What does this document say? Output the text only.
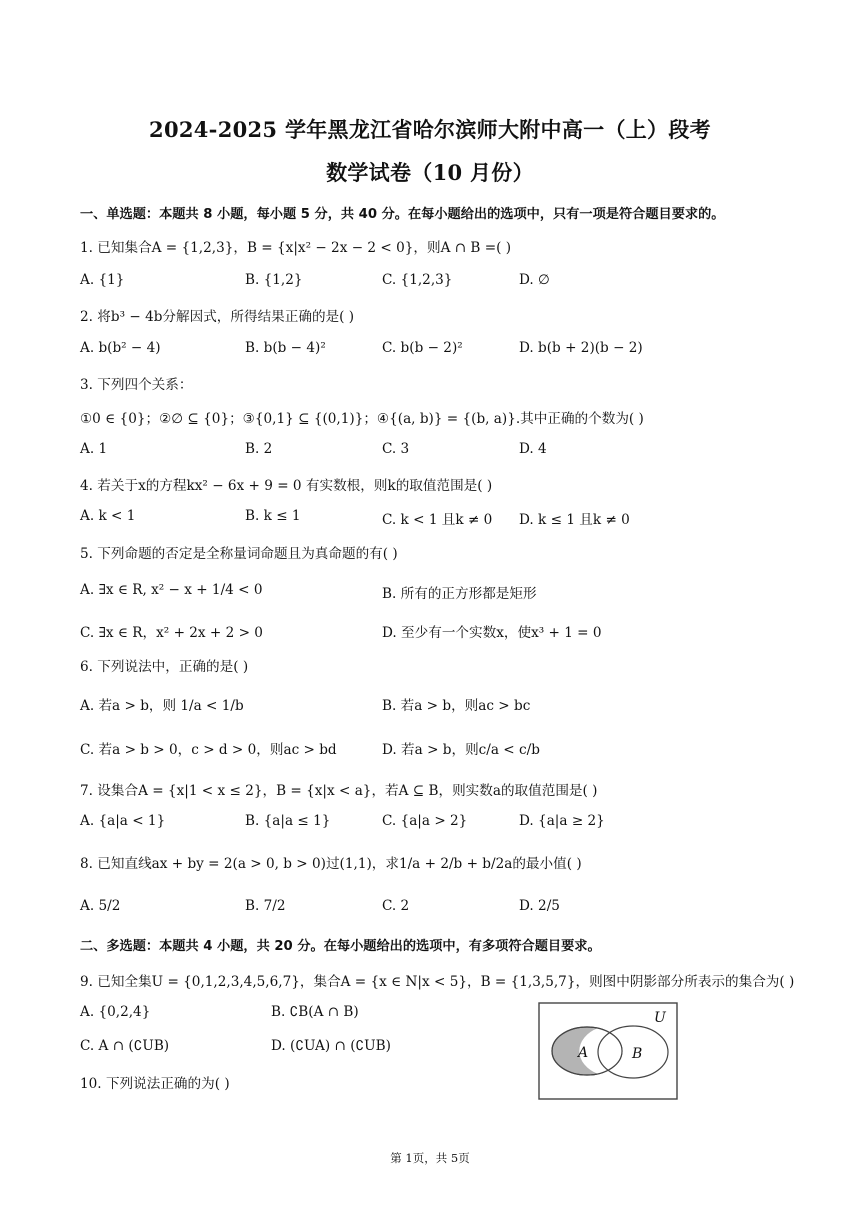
2024-2025 学年黑龙江省哈尔滨师大附中高一（上）段考
数学试卷（10 月份）
一、单选题：本题共 8 小题，每小题 5 分，共 40 分。在每小题给出的选项中，只有一项是符合题目要求的。
1. 已知集合A = {1,2,3}，B = {x|x² − 2x − 2 < 0}，则A ∩ B =( )
A. {1}	B. {1,2}	C. {1,2,3}	D. ∅
2. 将b³ − 4b分解因式，所得结果正确的是( )
A. b(b² − 4)	B. b(b − 4)²	C. b(b − 2)²	D. b(b + 2)(b − 2)
3. 下列四个关系：
①0 ∈ {0}；②∅ ⊆ {0}；③{0,1} ⊆ {(0,1)}；④{(a, b)} = {(b, a)}.其中正确的个数为( )
A. 1	B. 2	C. 3	D. 4
4. 若关于x的方程kx² − 6x + 9 = 0 有实数根，则k的取值范围是( )
A. k < 1	B. k ≤ 1	C. k < 1 且k ≠ 0 D. k ≤ 1 且k ≠ 0
5. 下列命题的否定是全称量词命题且为真命题的有( )
A. ∃x ∈ R, x² − x + 1/4 < 0	B. 所有的正方形都是矩形
C. ∃x ∈ R，x² + 2x + 2 > 0	D. 至少有一个实数x，使x³ + 1 = 0
6. 下列说法中，正确的是( )
A. 若a > b，则 1/a < 1/b	B. 若a > b，则ac > bc
C. 若a > b > 0，c > d > 0，则ac > bd	D. 若a > b，则c/a < c/b
7. 设集合A = {x|1 < x ≤ 2}，B = {x|x < a}，若A ⊆ B，则实数a的取值范围是( )
A. {a|a < 1}	B. {a|a ≤ 1}	C. {a|a > 2}	D. {a|a ≥ 2}
8. 已知直线ax + by = 2(a > 0, b > 0)过(1,1)，求1/a + 2/b + b/2a的最小值( )
A. 5/2	B. 7/2	C. 2	D. 2/5
二、多选题：本题共 4 小题，共 20 分。在每小题给出的选项中，有多项符合题目要求。
9. 已知全集U = {0,1,2,3,4,5,6,7}，集合A = {x ∈ N|x < 5}，B = {1,3,5,7}，则图中阴影部分所表示的集合为( )
A. {0,2,4}	B. ∁B(A ∩ B)
C. A ∩ (∁UB)	D. (∁UA) ∩ (∁UB)
U
A	B
10. 下列说法正确的为( )
第 1页，共 5页
